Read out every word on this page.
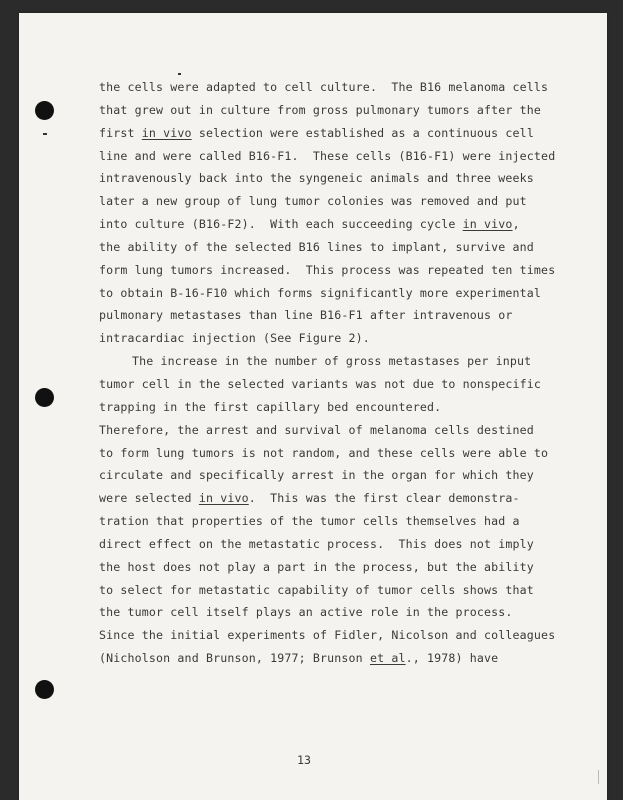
the cells were adapted to cell culture.  The B16 melanoma cells
that grew out in culture from gross pulmonary tumors after the
first in vivo selection were established as a continuous cell
line and were called B16-F1.  These cells (B16-F1) were injected
intravenously back into the syngeneic animals and three weeks
later a new group of lung tumor colonies was removed and put
into culture (B16-F2).  With each succeeding cycle in vivo,
the ability of the selected B16 lines to implant, survive and
form lung tumors increased.  This process was repeated ten times
to obtain B-16-F10 which forms significantly more experimental
pulmonary metastases than line B16-F1 after intravenous or
intracardiac injection (See Figure 2).
The increase in the number of gross metastases per input
tumor cell in the selected variants was not due to nonspecific
trapping in the first capillary bed encountered.
Therefore, the arrest and survival of melanoma cells destined
to form lung tumors is not random, and these cells were able to
circulate and specifically arrest in the organ for which they
were selected in vivo.  This was the first clear demonstra-
tration that properties of the tumor cells themselves had a
direct effect on the metastatic process.  This does not imply
the host does not play a part in the process, but the ability
to select for metastatic capability of tumor cells shows that
the tumor cell itself plays an active role in the process.
Since the initial experiments of Fidler, Nicolson and colleagues
(Nicholson and Brunson, 1977; Brunson et al., 1978) have
13
